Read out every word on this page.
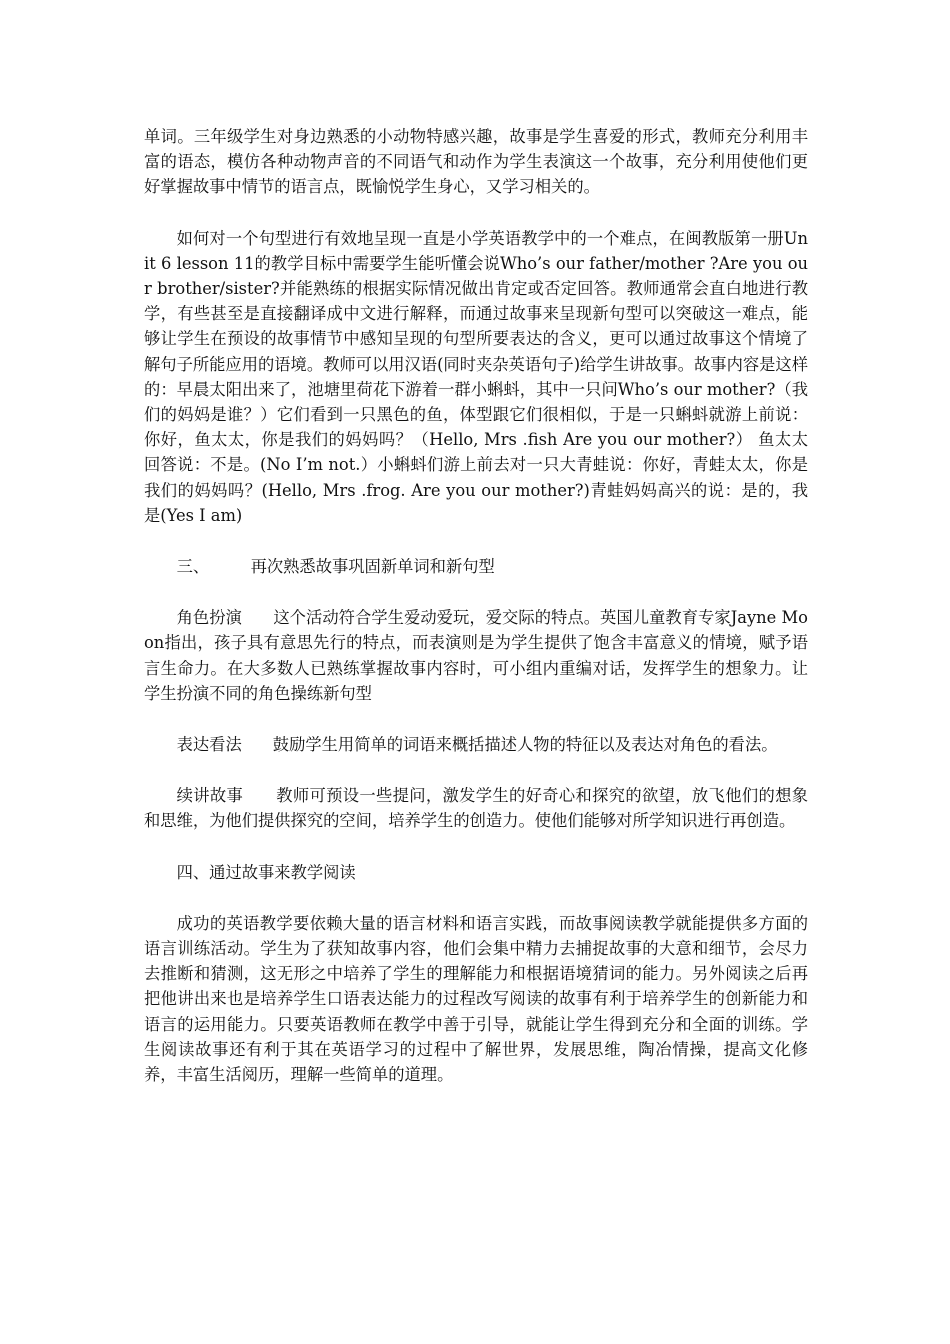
单词。三年级学生对身边熟悉的小动物特感兴趣，故事是学生喜爱的形式，教师充分利用丰富的语态，模仿各种动物声音的不同语气和动作为学生表演这一个故事，充分利用使他们更好掌握故事中情节的语言点，既愉悦学生身心，又学习相关的。

如何对一个句型进行有效地呈现一直是小学英语教学中的一个难点，在闽教版第一册Unit 6 lesson 11的教学目标中需要学生能听懂会说Who’s our father/mother ?Are you our brother/sister?并能熟练的根据实际情况做出肯定或否定回答。教师通常会直白地进行教学，有些甚至是直接翻译成中文进行解释，而通过故事来呈现新句型可以突破这一难点，能够让学生在预设的故事情节中感知呈现的句型所要表达的含义，更可以通过故事这个情境了解句子所能应用的语境。教师可以用汉语(同时夹杂英语句子)给学生讲故事。故事内容是这样的：早晨太阳出来了，池塘里荷花下游着一群小蝌蚪，其中一只问Who’s our mother?（我们的妈妈是谁？）它们看到一只黑色的鱼，体型跟它们很相似，于是一只蝌蚪就游上前说：你好，鱼太太，你是我们的妈妈吗？（Hello, Mrs .fish Are you our mother?） 鱼太太回答说：不是。(No I’m not.）小蝌蚪们游上前去对一只大青蛙说：你好，青蛙太太，你是我们的妈妈吗？(Hello, Mrs .frog. Are you our mother?)青蛙妈妈高兴的说：是的，我是(Yes I am)

三、	再次熟悉故事巩固新单词和新句型

角色扮演 这个活动符合学生爱动爱玩，爱交际的特点。英国儿童教育专家Jayne Moon指出，孩子具有意思先行的特点，而表演则是为学生提供了饱含丰富意义的情境，赋予语言生命力。在大多数人已熟练掌握故事内容时，可小组内重编对话，发挥学生的想象力。让学生扮演不同的角色操练新句型

表达看法 鼓励学生用简单的词语来概括描述人物的特征以及表达对角色的看法。

续讲故事 教师可预设一些提问，激发学生的好奇心和探究的欲望，放飞他们的想象和思维，为他们提供探究的空间，培养学生的创造力。使他们能够对所学知识进行再创造。

四、通过故事来教学阅读

成功的英语教学要依赖大量的语言材料和语言实践，而故事阅读教学就能提供多方面的语言训练活动。学生为了获知故事内容，他们会集中精力去捕捉故事的大意和细节，会尽力去推断和猜测，这无形之中培养了学生的理解能力和根据语境猜词的能力。另外阅读之后再把他讲出来也是培养学生口语表达能力的过程改写阅读的故事有利于培养学生的创新能力和语言的运用能力。只要英语教师在教学中善于引导，就能让学生得到充分和全面的训练。学生阅读故事还有利于其在英语学习的过程中了解世界，发展思维，陶冶情操，提高文化修养，丰富生活阅历，理解一些简单的道理。
